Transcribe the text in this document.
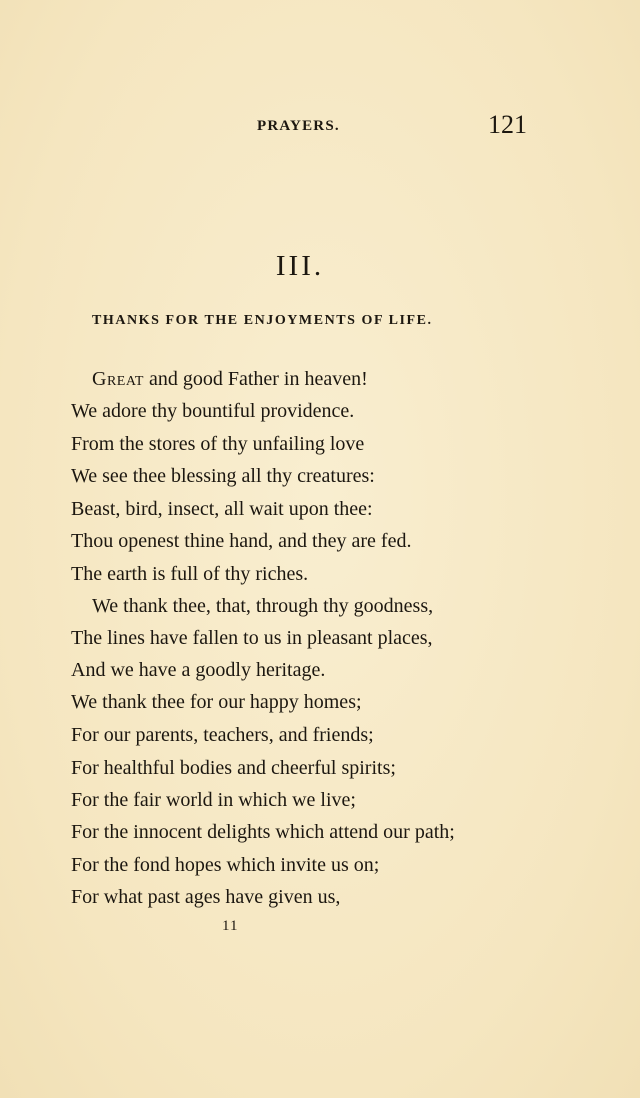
PRAYERS.	121
III.
THANKS FOR THE ENJOYMENTS OF LIFE.
Great and good Father in heaven!
We adore thy bountiful providence.
From the stores of thy unfailing love
We see thee blessing all thy creatures:
Beast, bird, insect, all wait upon thee:
Thou openest thine hand, and they are fed.
The earth is full of thy riches.
We thank thee, that, through thy goodness,
The lines have fallen to us in pleasant places,
And we have a goodly heritage.
We thank thee for our happy homes;
For our parents, teachers, and friends;
For healthful bodies and cheerful spirits;
For the fair world in which we live;
For the innocent delights which attend our path;
For the fond hopes which invite us on;
For what past ages have given us,
11
